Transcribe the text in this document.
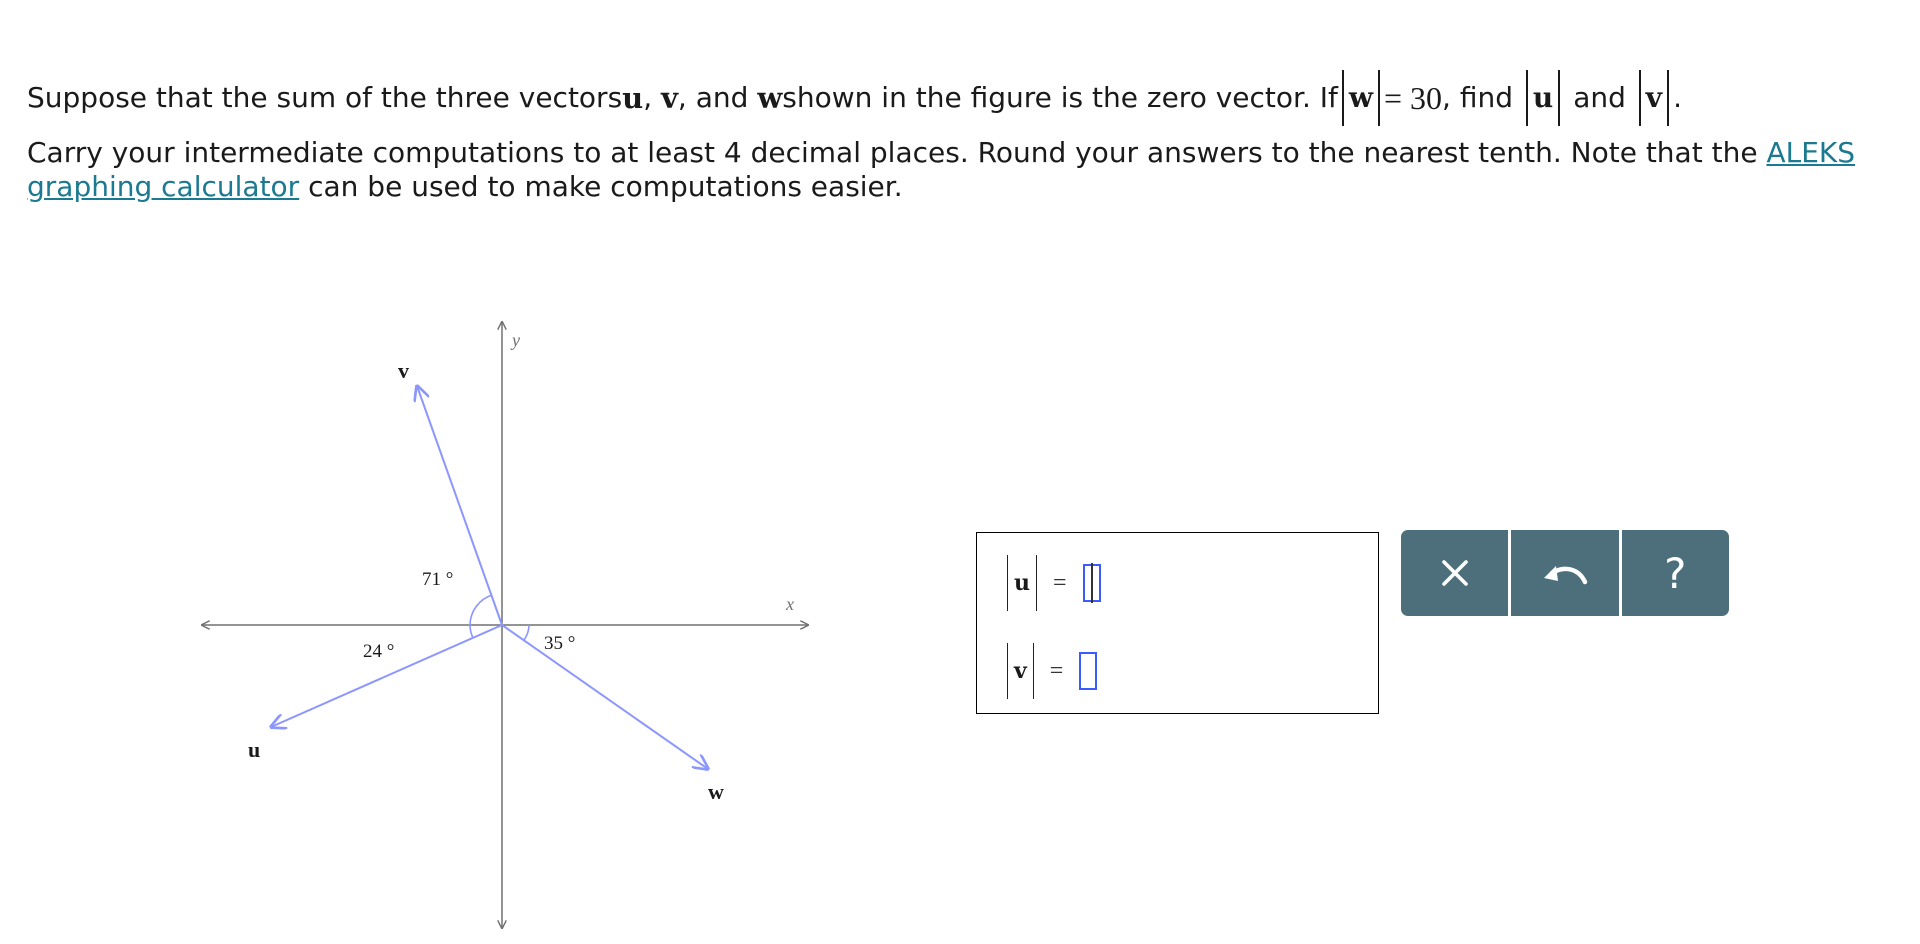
Suppose that the sum of the three vectors u ,
v , and
w shown in the figure is the zero vector. If w = 30 , find
u
and
v .
Carry your intermediate computations to at least 4 decimal places. Round your answers to the nearest tenth. Note that the ALEKS graphing calculator can be used to make computations easier.
x
y
v
u
w
71 °
24 °	35 °
u =
v =
?
